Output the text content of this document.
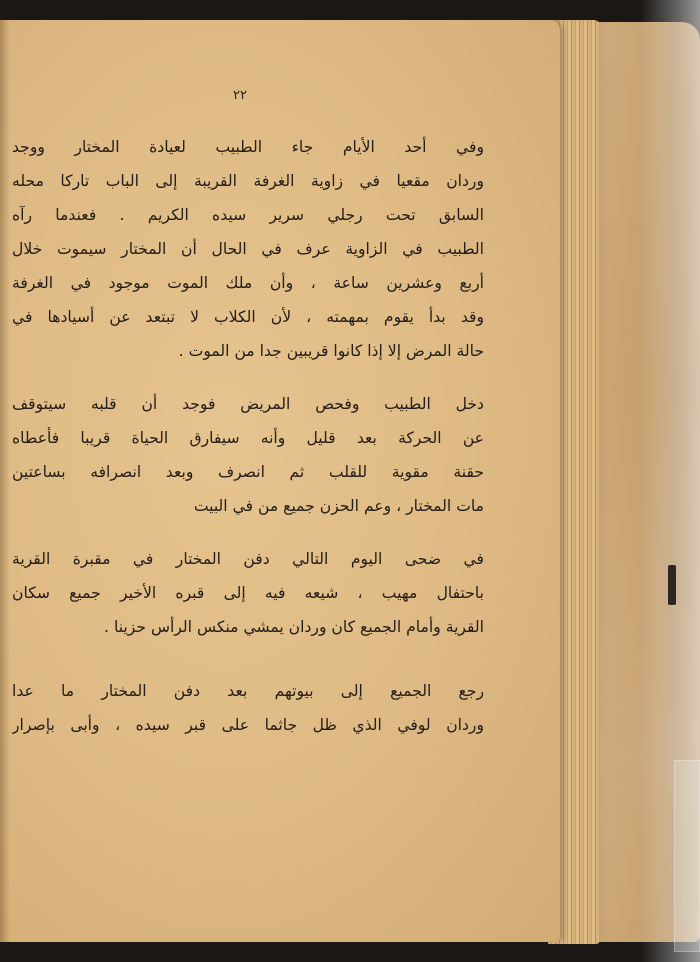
٢٢
وفي أحد الأيام جاء الطبيب لعيادة المختار ووجد
وردان مقعيا في زاوية الغرفة القريبة إلى الباب تاركا محله
السابق تحت رجلي سرير سيده الكريم . فعندما رآه
الطبيب في الزاوية عرف في الحال أن المختار سيموت خلال
أربع وعشرين ساعة ، وأن ملك الموت موجود في الغرفة
وقد بدأ يقوم بمهمته ، لأن الكلاب لا تبتعد عن أسيادها في
حالة المرض إلا إذا كانوا قريبين جدا من الموت .
دخل الطبيب وفحص المريض فوجد أن قلبه سيتوقف
عن الحركة بعد قليل وأنه سيفارق الحياة قريبا فأعطاه
حقنة مقوية للقلب ثم انصرف وبعد انصرافه بساعتين
مات المختار ، وعم الحزن جميع من في البيت
في ضحى اليوم التالي دفن المختار في مقبرة القرية
باحتفال مهيب ، شيعه فيه إلى قبره الأخير جميع سكان
القرية وأمام الجميع كان وردان يمشي منكس الرأس حزينا .
رجع الجميع إلى بيوتهم بعد دفن المختار ما عدا
وردان لوفي الذي ظل جاثما على قبر سيده ، وأبى بإصرار
